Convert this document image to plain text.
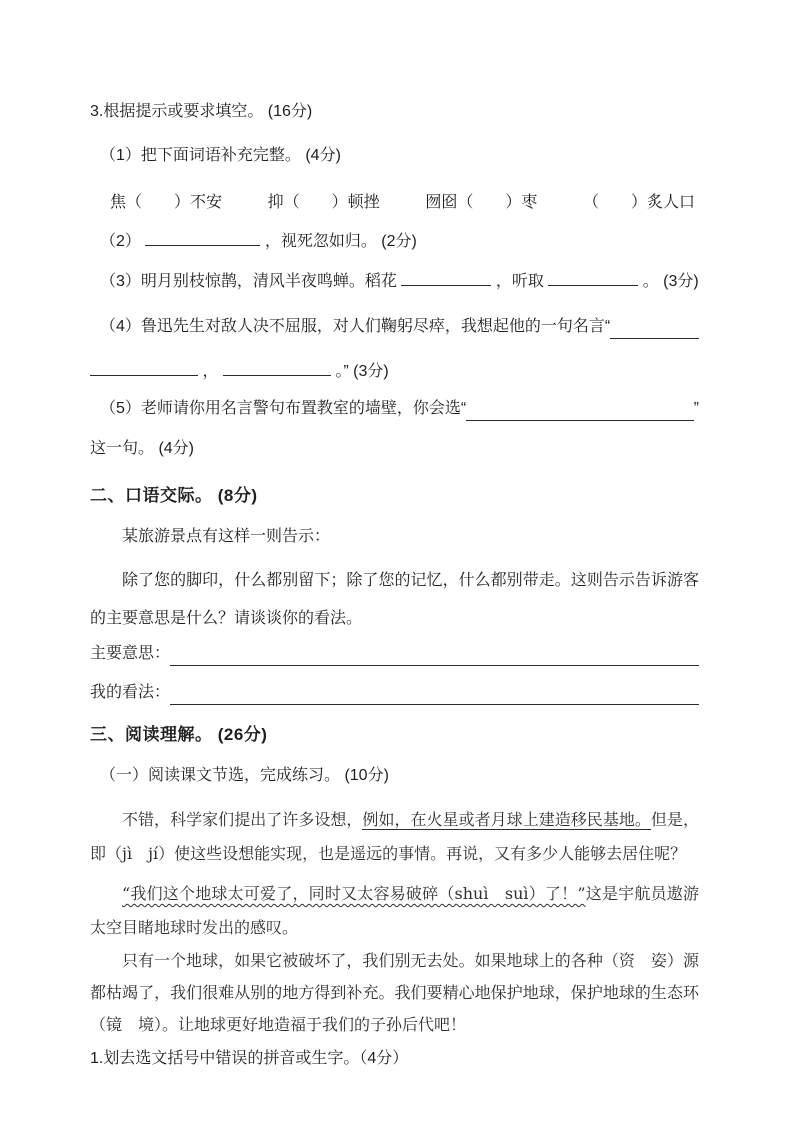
3.根据提示或要求填空。 (16分)
（1）把下面词语补充完整。 (4分)
焦（　　）不安	抑（　　）顿挫	囫囵（　　）枣	（　　）炙人口
（2）	，视死忽如归。 (2分)
（3）明月别枝惊鹊，清风半夜鸣蝉。稻花	，听取	。 (3分)
（4）鲁迅先生对敌人决不屈服，对人们鞠躬尽瘁，我想起他的一句名言“
，	。” (3分)
（5）老师请你用名言警句布置教室的墙壁，你会选“	”
这一句。 (4分)
二、口语交际。 (8分)
某旅游景点有这样一则告示：

除了您的脚印，什么都别留下；除了您的记忆，什么都别带走。这则告示告诉游客的主要意思是什么？请谈谈你的看法。

主要意思：
我的看法：
三、阅读理解。 (26分)
（一）阅读课文节选，完成练习。 (10分)

不错，科学家们提出了许多设想，例如，在火星或者月球上建造移民基地。但是，即（jì　jí）使这些设想能实现，也是遥远的事情。再说，又有多少人能够去居住呢？

“我们这个地球太可爱了，同时又太容易破碎（shuì　suì）了！”这是宇航员遨游太空目睹地球时发出的感叹。

只有一个地球，如果它被破坏了，我们别无去处。如果地球上的各种（资　姿）源都枯竭了，我们很难从别的地方得到补充。我们要精心地保护地球，保护地球的生态环（镜　境）。让地球更好地造福于我们的子孙后代吧！

1.划去选文括号中错误的拼音或生字。（4分）
